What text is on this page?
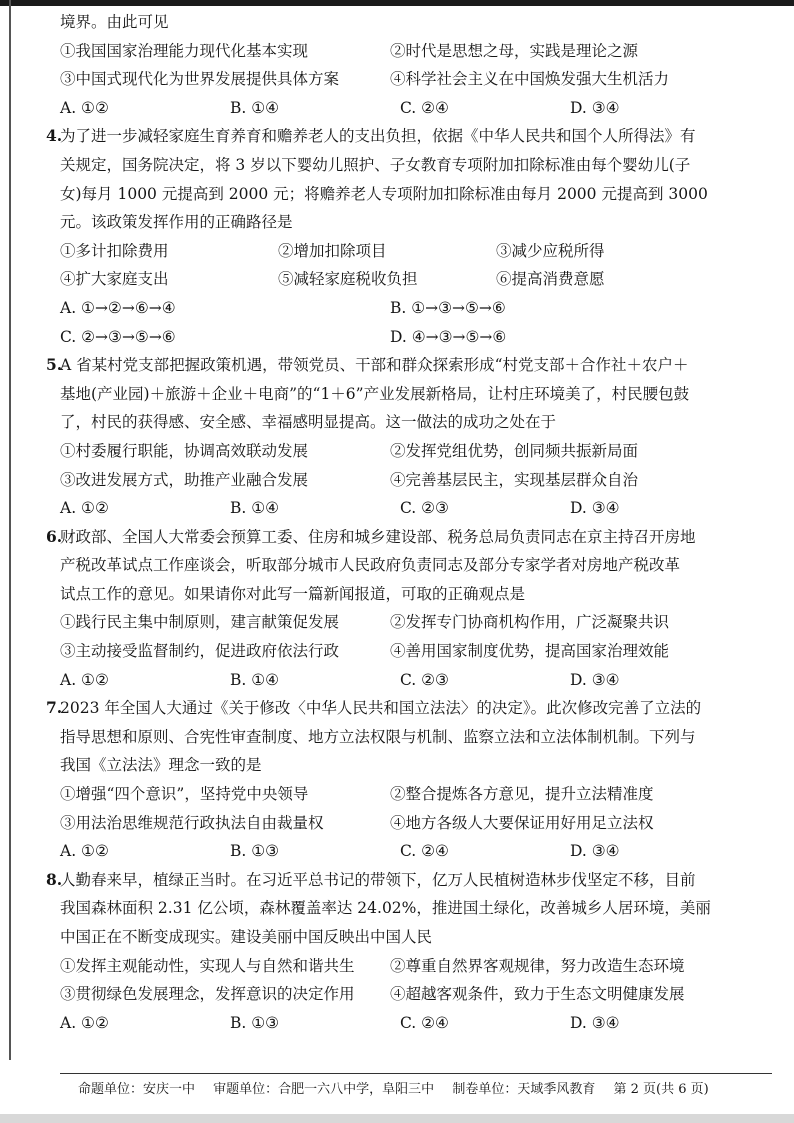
境界。由此可见
①我国国家治理能力现代化基本实现	②时代是思想之母，实践是理论之源
③中国式现代化为世界发展提供具体方案	④科学社会主义在中国焕发强大生机活力
A. ①②	B. ①④	C. ②④	D. ③④
4.
为了进一步减轻家庭生育养育和赡养老人的支出负担，依据《中华人民共和国个人所得法》有
关规定，国务院决定，将 3 岁以下婴幼儿照护、子女教育专项附加扣除标准由每个婴幼儿(子
女)每月 1000 元提高到 2000 元；将赡养老人专项附加扣除标准由每月 2000 元提高到 3000
元。该政策发挥作用的正确路径是
①多计扣除费用	②增加扣除项目	③减少应税所得
④扩大家庭支出	⑤减轻家庭税收负担	⑥提高消费意愿
A. ①→②→⑥→④	B. ①→③→⑤→⑥
C. ②→③→⑤→⑥	D. ④→③→⑤→⑥
5.
A 省某村党支部把握政策机遇，带领党员、干部和群众探索形成“村党支部＋合作社＋农户＋
基地(产业园)＋旅游＋企业＋电商”的“1＋6”产业发展新格局，让村庄环境美了，村民腰包鼓
了，村民的获得感、安全感、幸福感明显提高。这一做法的成功之处在于
①村委履行职能，协调高效联动发展	②发挥党组优势，创同频共振新局面
③改进发展方式，助推产业融合发展	④完善基层民主，实现基层群众自治
A. ①②	B. ①④	C. ②③	D. ③④
6.
财政部、全国人大常委会预算工委、住房和城乡建设部、税务总局负责同志在京主持召开房地
产税改革试点工作座谈会，听取部分城市人民政府负责同志及部分专家学者对房地产税改革
试点工作的意见。如果请你对此写一篇新闻报道，可取的正确观点是
①践行民主集中制原则，建言献策促发展	②发挥专门协商机构作用，广泛凝聚共识
③主动接受监督制约，促进政府依法行政	④善用国家制度优势，提高国家治理效能
A. ①②	B. ①④	C. ②③	D. ③④
7.
2023 年全国人大通过《关于修改〈中华人民共和国立法法〉的决定》。此次修改完善了立法的
指导思想和原则、合宪性审查制度、地方立法权限与机制、监察立法和立法体制机制。下列与
我国《立法法》理念一致的是
①增强“四个意识”，坚持党中央领导	②整合提炼各方意见，提升立法精准度
③用法治思维规范行政执法自由裁量权	④地方各级人大要保证用好用足立法权
A. ①②	B. ①③	C. ②④	D. ③④
8.
人勤春来早，植绿正当时。在习近平总书记的带领下，亿万人民植树造林步伐坚定不移，目前
我国森林面积 2.31 亿公顷，森林覆盖率达 24.02%，推进国土绿化，改善城乡人居环境，美丽
中国正在不断变成现实。建设美丽中国反映出中国人民
①发挥主观能动性，实现人与自然和谐共生	②尊重自然界客观规律，努力改造生态环境
③贯彻绿色发展理念，发挥意识的决定作用	④超越客观条件，致力于生态文明健康发展
A. ①②	B. ①③	C. ②④	D. ③④
命题单位：安庆一中 审题单位：合肥一六八中学，阜阳三中 制卷单位：天域季风教育 第 2 页(共 6 页)
